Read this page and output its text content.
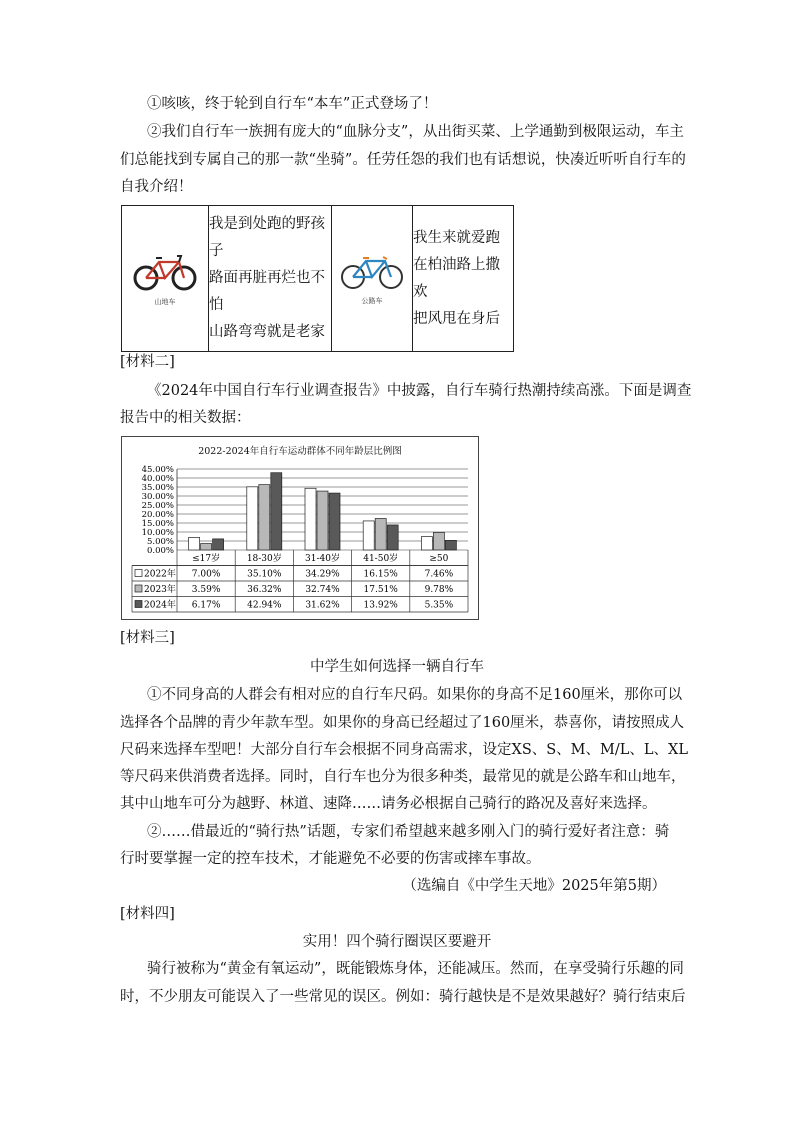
①咳咳，终于轮到自行车“本车”正式登场了！
②我们自行车一族拥有庞大的“血脉分支”，从出街买菜、上学通勤到极限运动，车主
们总能找到专属自己的那一款“坐骑”。任劳任怨的我们也有话想说，快凑近听听自行车的
自我介绍！
山地车

我是到处跑的野孩
子
路面再脏再烂也不
怕
山路弯弯就是老家

公路车

我生来就爱跑
在柏油路上撒
欢
把风甩在身后
[材料二]
《2024年中国自行车行业调查报告》中披露，自行车骑行热潮持续高涨。下面是调查
报告中的相关数据：
2022-2024年自行车运动群体不同年龄层比例图
0.00%
5.00%
10.00%
15.00%
20.00%
25.00%
30.00%
35.00%
40.00%
45.00%
≤17岁	18-30岁	31-40岁	41-50岁	≥50
2022年 7.00%	35.10%	34.29%	16.15%	7.46%
2023年 3.59%	36.32%	32.74%	17.51%	9.78%
2024年 6.17%	42.94%	31.62%	13.92%	5.35%
[材料三]
中学生如何选择一辆自行车
①不同身高的人群会有相对应的自行车尺码。如果你的身高不足160厘米，那你可以
选择各个品牌的青少年款车型。如果你的身高已经超过了160厘米，恭喜你，请按照成人
尺码来选择车型吧！大部分自行车会根据不同身高需求，设定XS、S、M、M/L、L、XL
等尺码来供消费者选择。同时，自行车也分为很多种类，最常见的就是公路车和山地车，
其中山地车可分为越野、林道、速降……请务必根据自己骑行的路况及喜好来选择。
②……借最近的“骑行热”话题，专家们希望越来越多刚入门的骑行爱好者注意：骑
行时要掌握一定的控车技术，才能避免不必要的伤害或摔车事故。
（选编自《中学生天地》2025年第5期）
[材料四]
实用！四个骑行圈误区要避开
骑行被称为“黄金有氧运动”，既能锻炼身体，还能减压。然而，在享受骑行乐趣的同
时，不少朋友可能误入了一些常见的误区。例如：骑行越快是不是效果越好？骑行结束后
